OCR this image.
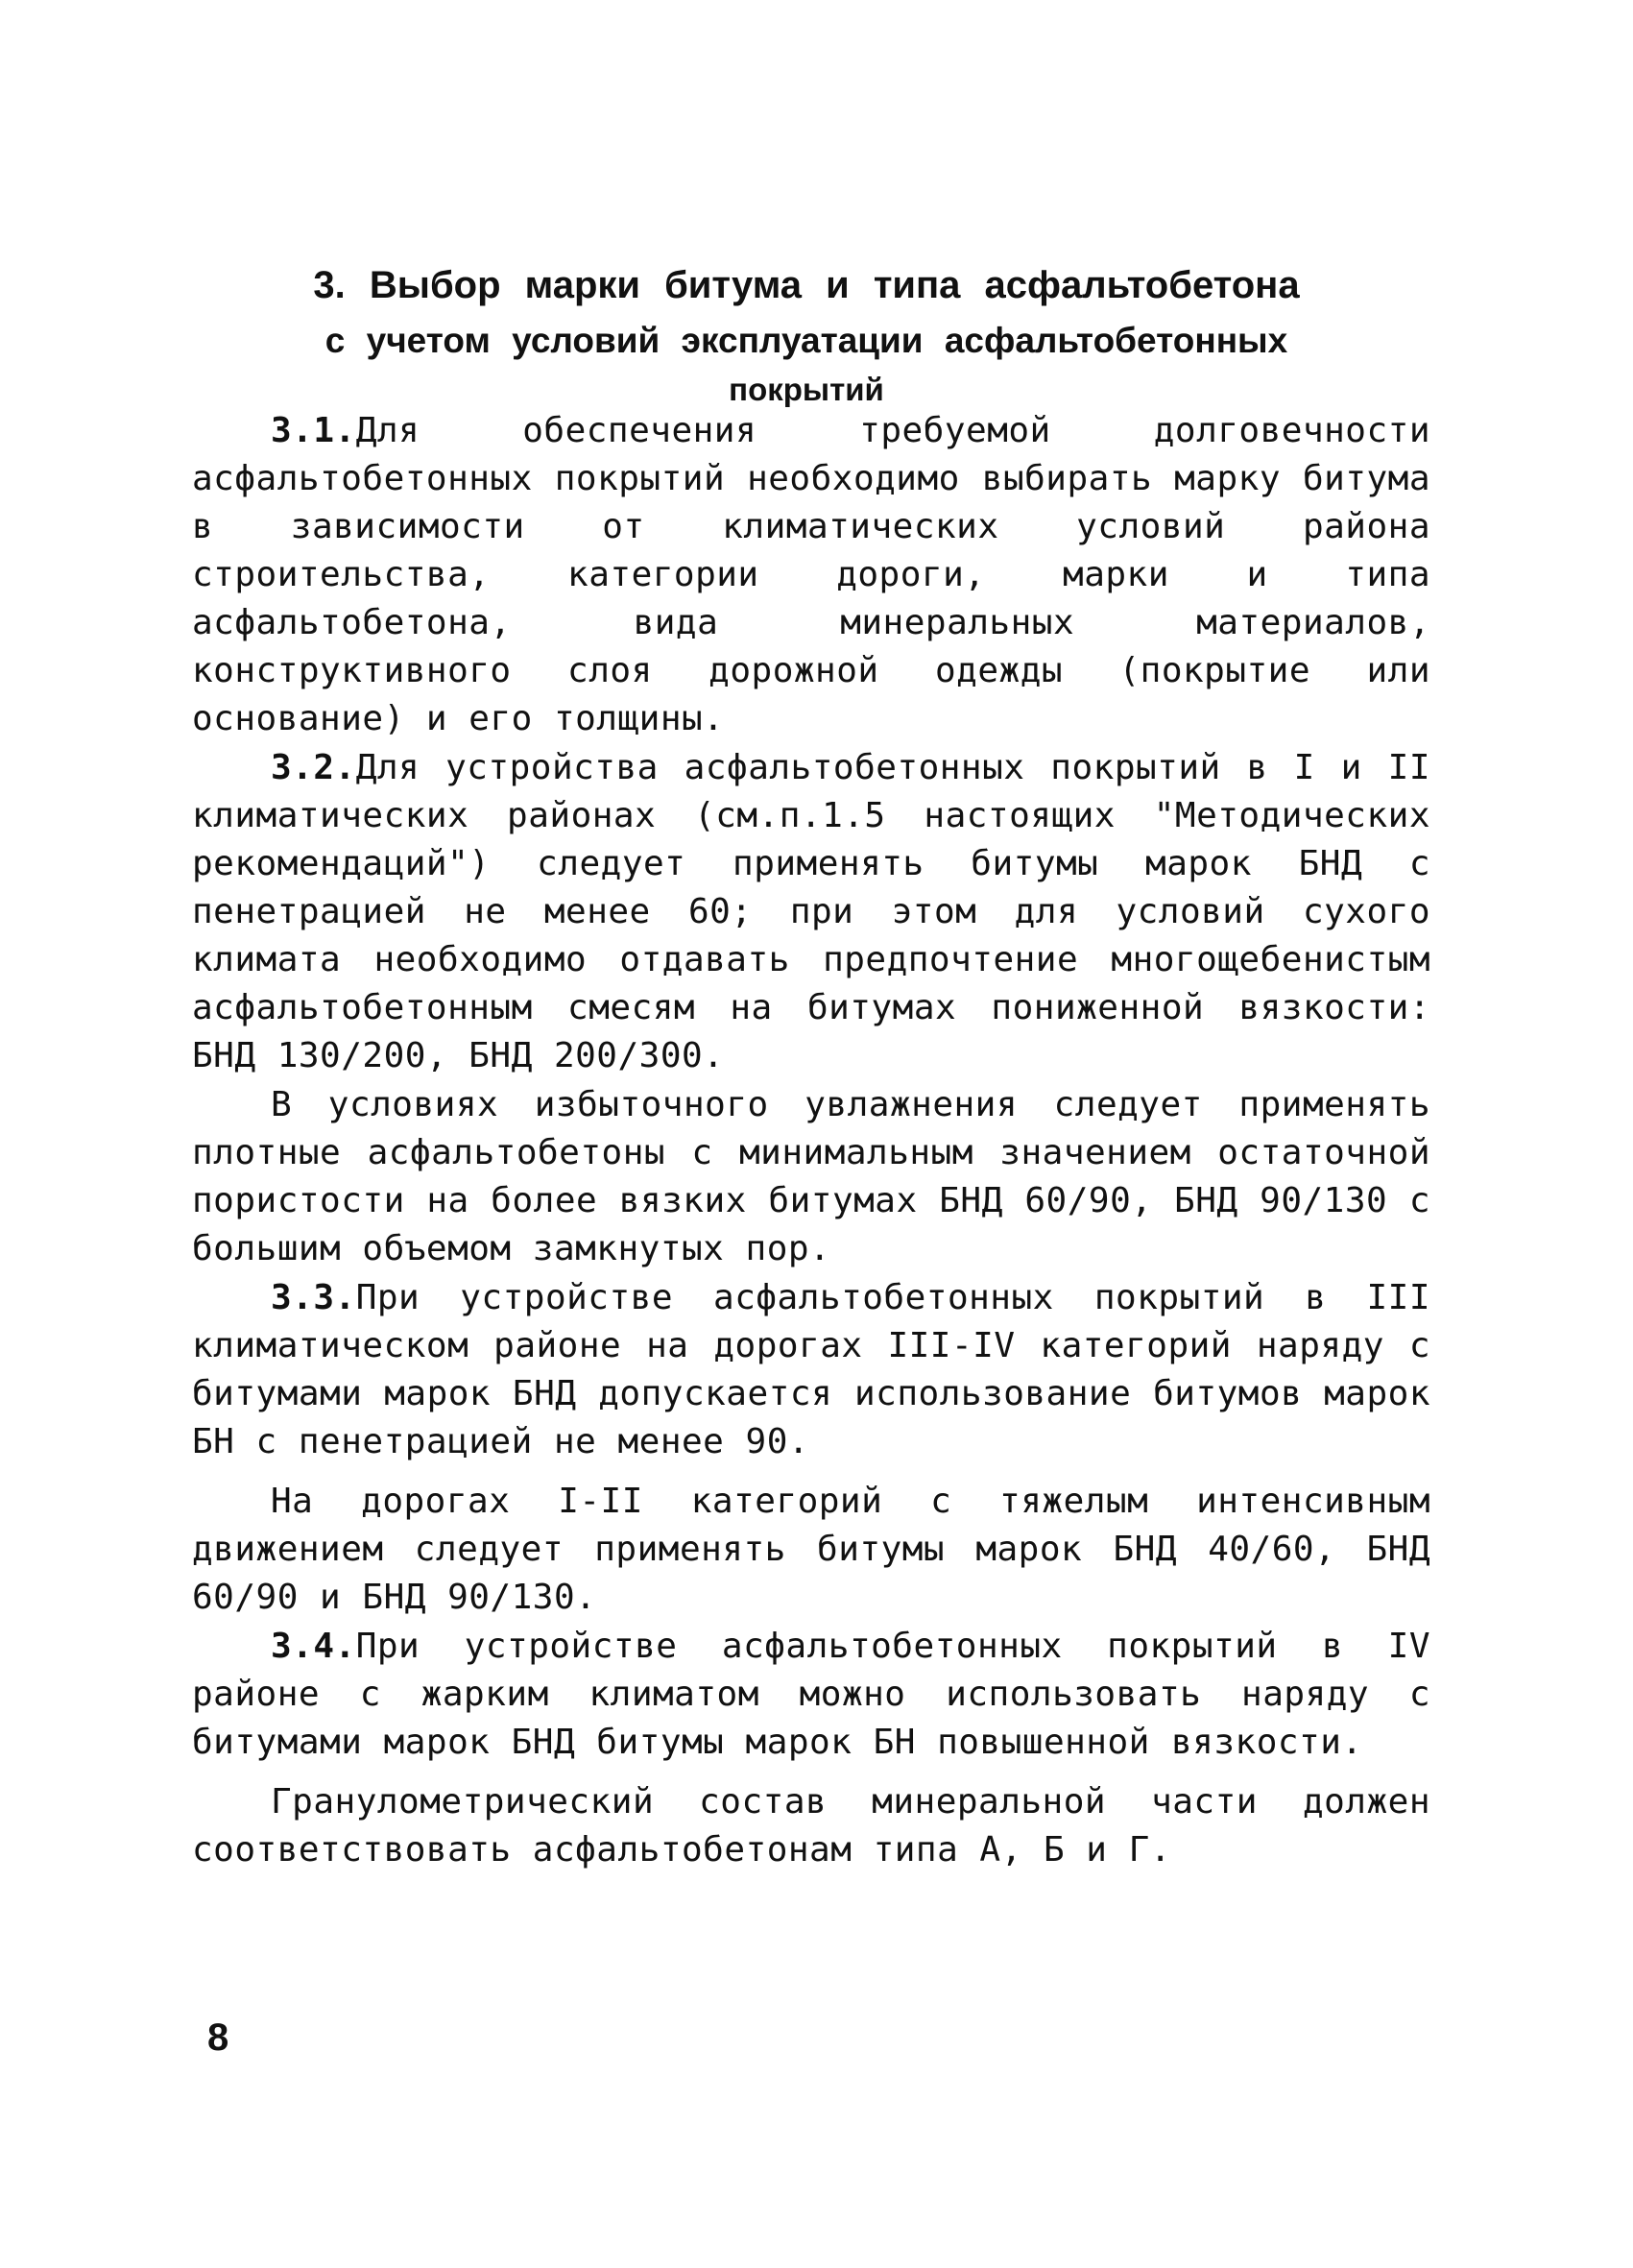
3. Выбор марки битума и типа асфальтобетона
с учетом условий эксплуатации асфальтобетонных
покрытий

3.1.Для обеспечения требуемой долговечности асфальтобетонных покрытий необходимо выбирать марку битума в зависимости от климатических условий района строительства, категории дороги, марки и типа асфальтобетона, вида минеральных материалов, конструктивного слоя дорожной одежды (покрытие или основание) и его толщины.

3.2.Для устройства асфальтобетонных покрытий в I и II климатических районах (см.п.1.5 настоящих "Методических рекомендаций") следует применять битумы марок БНД с пенетрацией не менее 60; при этом для условий сухого климата необходимо отдавать предпочтение многощебенистым асфальтобетонным смесям на битумах пониженной вязкости: БНД 130/200, БНД 200/300.

В условиях избыточного увлажнения следует применять плотные асфальтобетоны с минимальным значением остаточной пористости на более вязких битумах БНД 60/90, БНД 90/130 с большим объемом замкнутых пор.

3.3.При устройстве асфальтобетонных покрытий в III климатическом районе на дорогах III-IV категорий наряду с битумами марок БНД допускается использование битумов марок БН с пенетрацией не менее 90.

На дорогах I-II категорий с тяжелым интенсивным движением следует применять битумы марок БНД 40/60, БНД 60/90 и БНД 90/130.

3.4.При устройстве асфальтобетонных покрытий в IV районе с жарким климатом можно использовать наряду с битумами марок БНД битумы марок БН повышенной вязкости.

Гранулометрический состав минеральной части должен соответствовать асфальтобетонам типа А, Б и Г.

8
